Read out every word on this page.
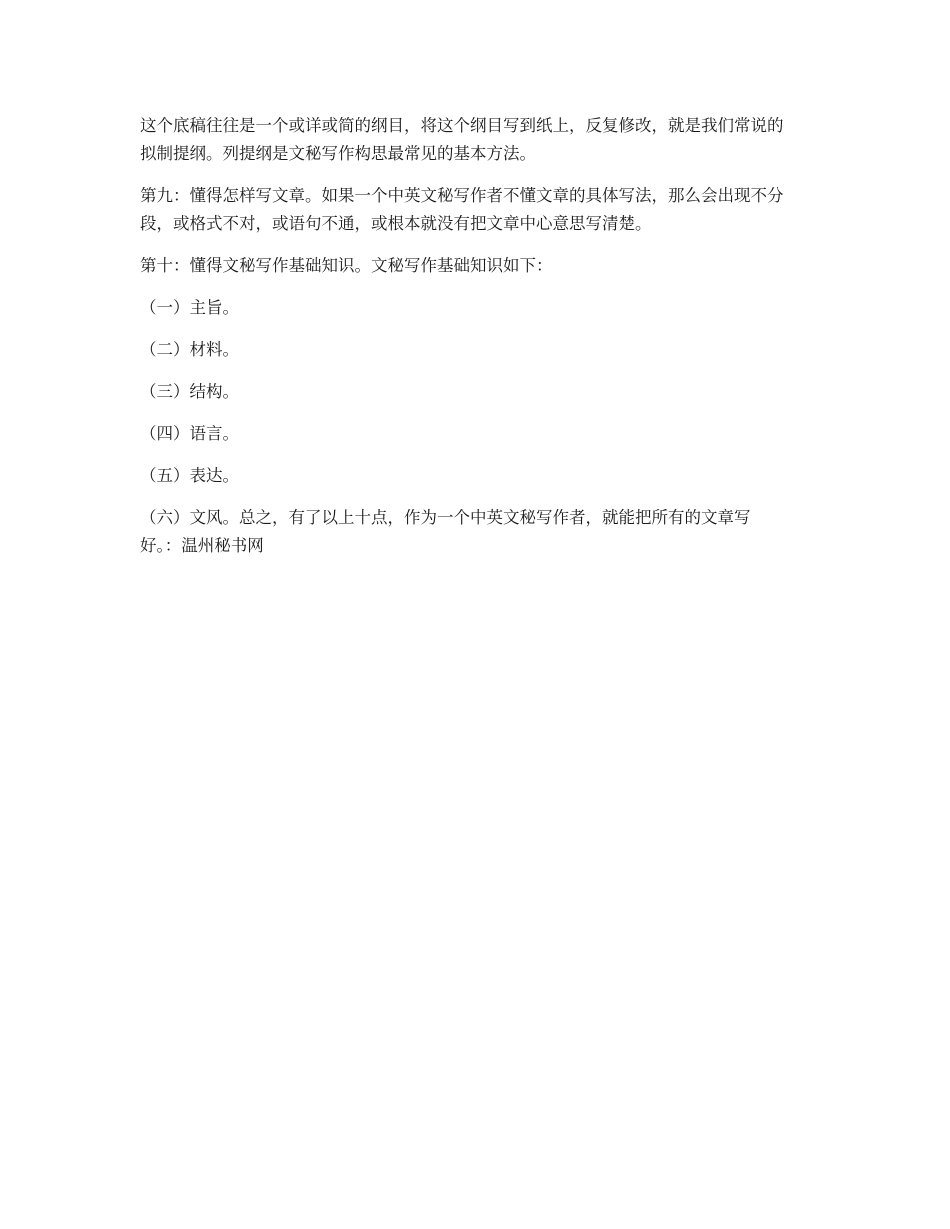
这个底稿往往是一个或详或简的纲目，将这个纲目写到纸上，反复修改，就是我们常说的
拟制提纲。列提纲是文秘写作构思最常见的基本方法。

第九：懂得怎样写文章。如果一个中英文秘写作者不懂文章的具体写法，那么会出现不分
段，或格式不对，或语句不通，或根本就没有把文章中心意思写清楚。

第十：懂得文秘写作基础知识。文秘写作基础知识如下：

（一）主旨。

（二）材料。

（三）结构。

（四）语言。

（五）表达。

（六）文风。总之，有了以上十点，作为一个中英文秘写作者，就能把所有的文章写
好。：温州秘书网
